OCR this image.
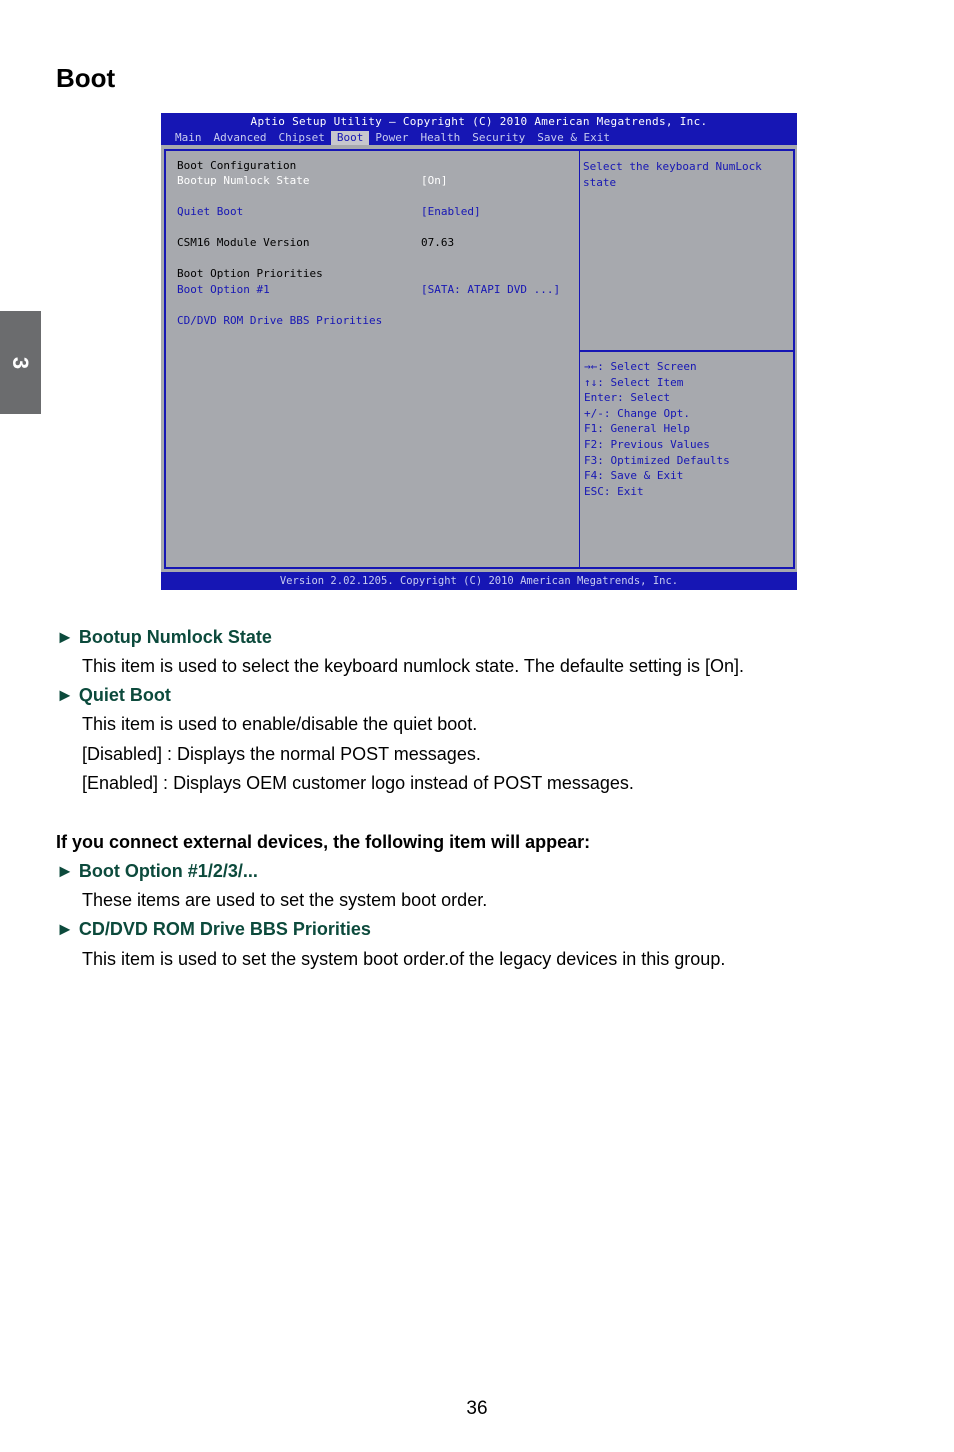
Boot
3
Aptio Setup Utility – Copyright (C) 2010 American Megatrends, Inc.
Main	Advanced	Chipset	Boot	Power	Health	Security	Save & Exit
Boot Configuration
Bootup Numlock State	[On]
Quiet Boot	[Enabled]
CSM16 Module Version	07.63
Boot Option Priorities
Boot Option #1	[SATA: ATAPI DVD ...]
CD/DVD ROM Drive BBS Priorities
Select the keyboard NumLock
state
→←: Select Screen
↑↓: Select Item
Enter: Select
+/-: Change Opt.
F1: General Help
F2: Previous Values
F3: Optimized Defaults
F4: Save & Exit
ESC: Exit
Version 2.02.1205. Copyright (C) 2010 American Megatrends, Inc.
► Bootup Numlock State
This item is used to select the keyboard numlock state. The defaulte setting is [On].
► Quiet Boot
This item is used to enable/disable the quiet boot.
[Disabled] : Displays the normal POST messages.
[Enabled] : Displays OEM customer logo instead of POST messages.
If you connect external devices, the following item will appear:
► Boot Option #1/2/3/...
These items are used to set the system boot order.
► CD/DVD ROM Drive BBS Priorities
This item is used to set the system boot order.of the legacy devices in this group.
36
